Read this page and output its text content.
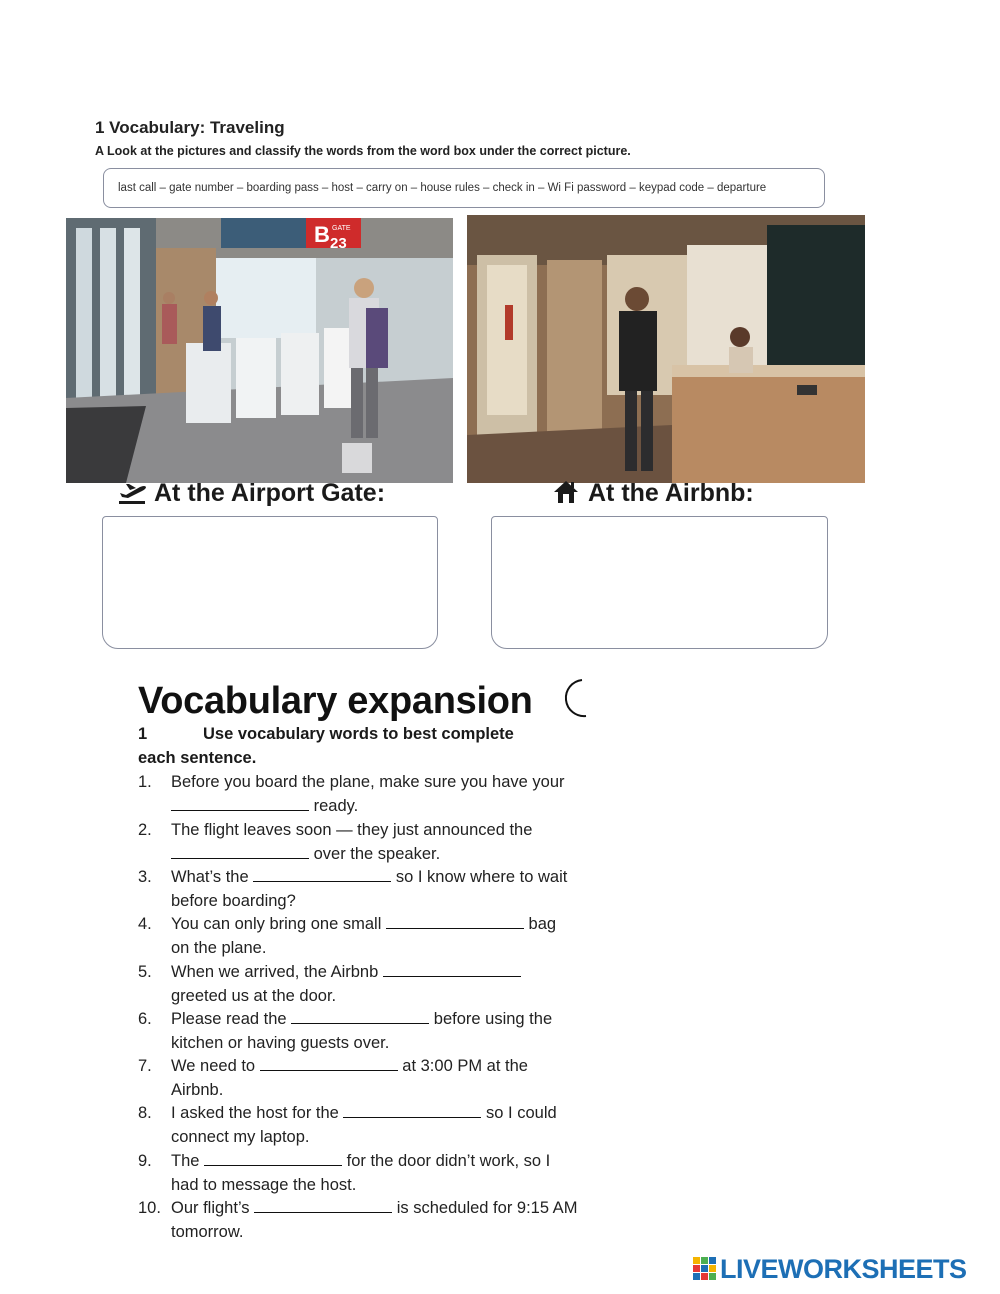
1 Vocabulary: Traveling
A Look at the pictures and classify the words from the word box under the correct picture.
last call – gate number – boarding pass – host – carry on – house rules – check in – Wi Fi password – keypad code – departure
B GATE
23
At the Airport Gate:	At the Airbnb:
Vocabulary expansion
1	Use vocabulary words to best complete
each sentence.
1.	Before you board the plane, make sure you have your  ready.
2.	The flight leaves soon — they just announced the  over the speaker.
3.	What’s the	so I know where to wait before boarding?
4.	You can only bring one small	bag on the plane.
5.	When we arrived, the Airbnb  greeted us at the door.
6.	Please read the	before using the kitchen or having guests over.
7.	We need to	at 3:00 PM at the Airbnb.
8.	I asked the host for the	so I could connect my laptop.
9.	The	for the door didn’t work, so I had to message the host.
10. Our flight’s	is scheduled for 9:15 AM tomorrow.
LIVEWORKSHEETS
